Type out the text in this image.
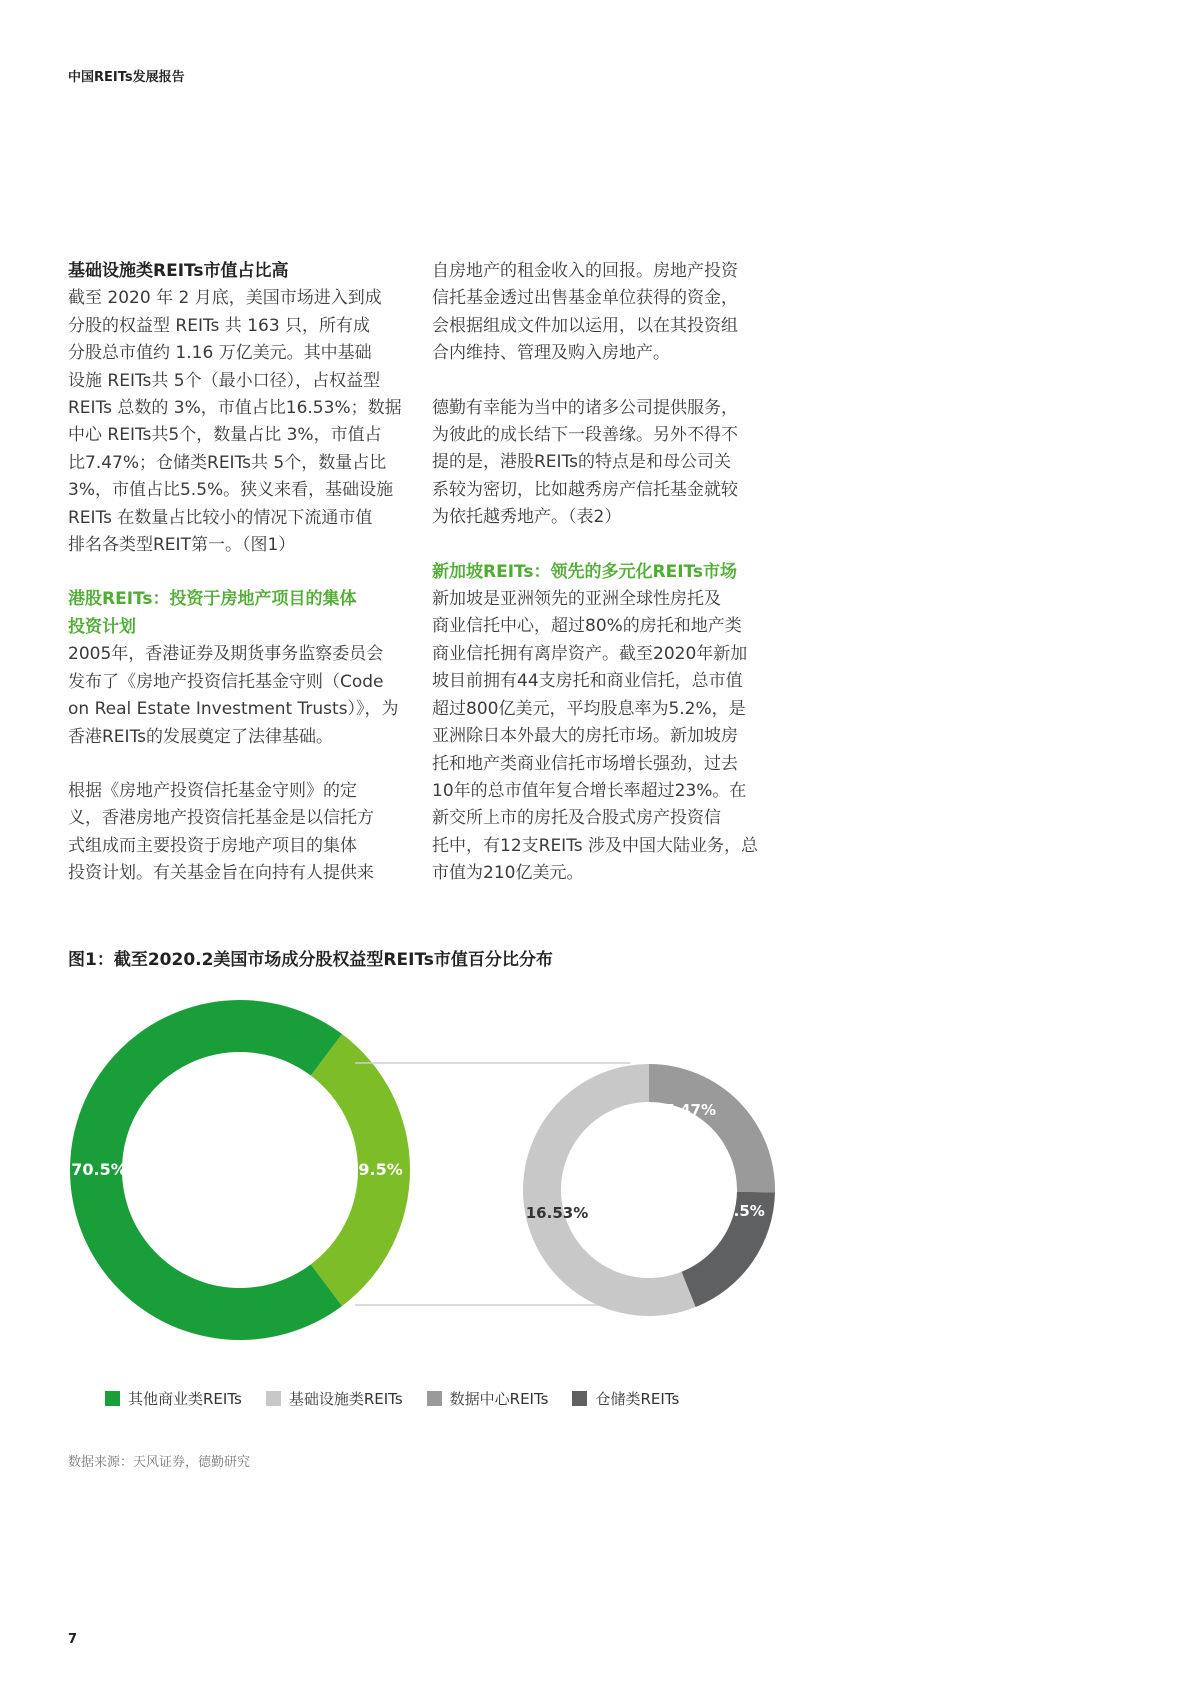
中国REITs发展报告

基础设施类REITs市值占比高

截至 2020 年 2 月底，美国市场进入到成
分股的权益型 REITs 共 163 只，所有成
分股总市值约 1.16 万亿美元。其中基础
设施 REITs共 5个（最小口径），占权益型
REITs 总数的 3%，市值占比16.53%；数据
中心 REITs共5个，数量占比 3%，市值占
比7.47%；仓储类REITs共 5个，数量占比
3%，市值占比5.5%。狭义来看，基础设施
REITs 在数量占比较小的情况下流通市值
排名各类型REIT第一。（图1）
港股REITs：投资于房地产项目的集体
投资计划
2005年，香港证券及期货事务监察委员会
发布了《房地产投资信托基金守则（Code
on Real Estate Investment Trusts）》，为
香港REITs的发展奠定了法律基础。
根据《房地产投资信托基金守则》的定
义，香港房地产投资信托基金是以信托方
式组成而主要投资于房地产项目的集体
投资计划。有关基金旨在向持有人提供来
自房地产的租金收入的回报。房地产投资
信托基金透过出售基金单位获得的资金，
会根据组成文件加以运用，以在其投资组
合内维持、管理及购入房地产。
德勤有幸能为当中的诸多公司提供服务，
为彼此的成长结下一段善缘。另外不得不
提的是，港股REITs的特点是和母公司关
系较为密切，比如越秀房产信托基金就较
为依托越秀地产。（表2）

新加坡REITs：领先的多元化REITs市场

新加坡是亚洲领先的亚洲全球性房托及
商业信托中心，超过80%的房托和地产类
商业信托拥有离岸资产。截至2020年新加
坡目前拥有44支房托和商业信托，总市值
超过800亿美元，平均股息率为5.2%，是
亚洲除日本外最大的房托市场。新加坡房
托和地产类商业信托市场增长强劲，过去
10年的总市值年复合增长率超过23%。在
新交所上市的房托及合股式房产投资信
托中，有12支REITs 涉及中国大陆业务，总
市值为210亿美元。
图1：截至2020.2美国市场成分股权益型REITs市值百分比分布
70.5%	29.5%
16.53%
7.47%
5.5%
其他商业类REITs	基础设施类REITs	数据中心REITs	仓储类REITs
数据来源：天风证券，德勤研究
7
